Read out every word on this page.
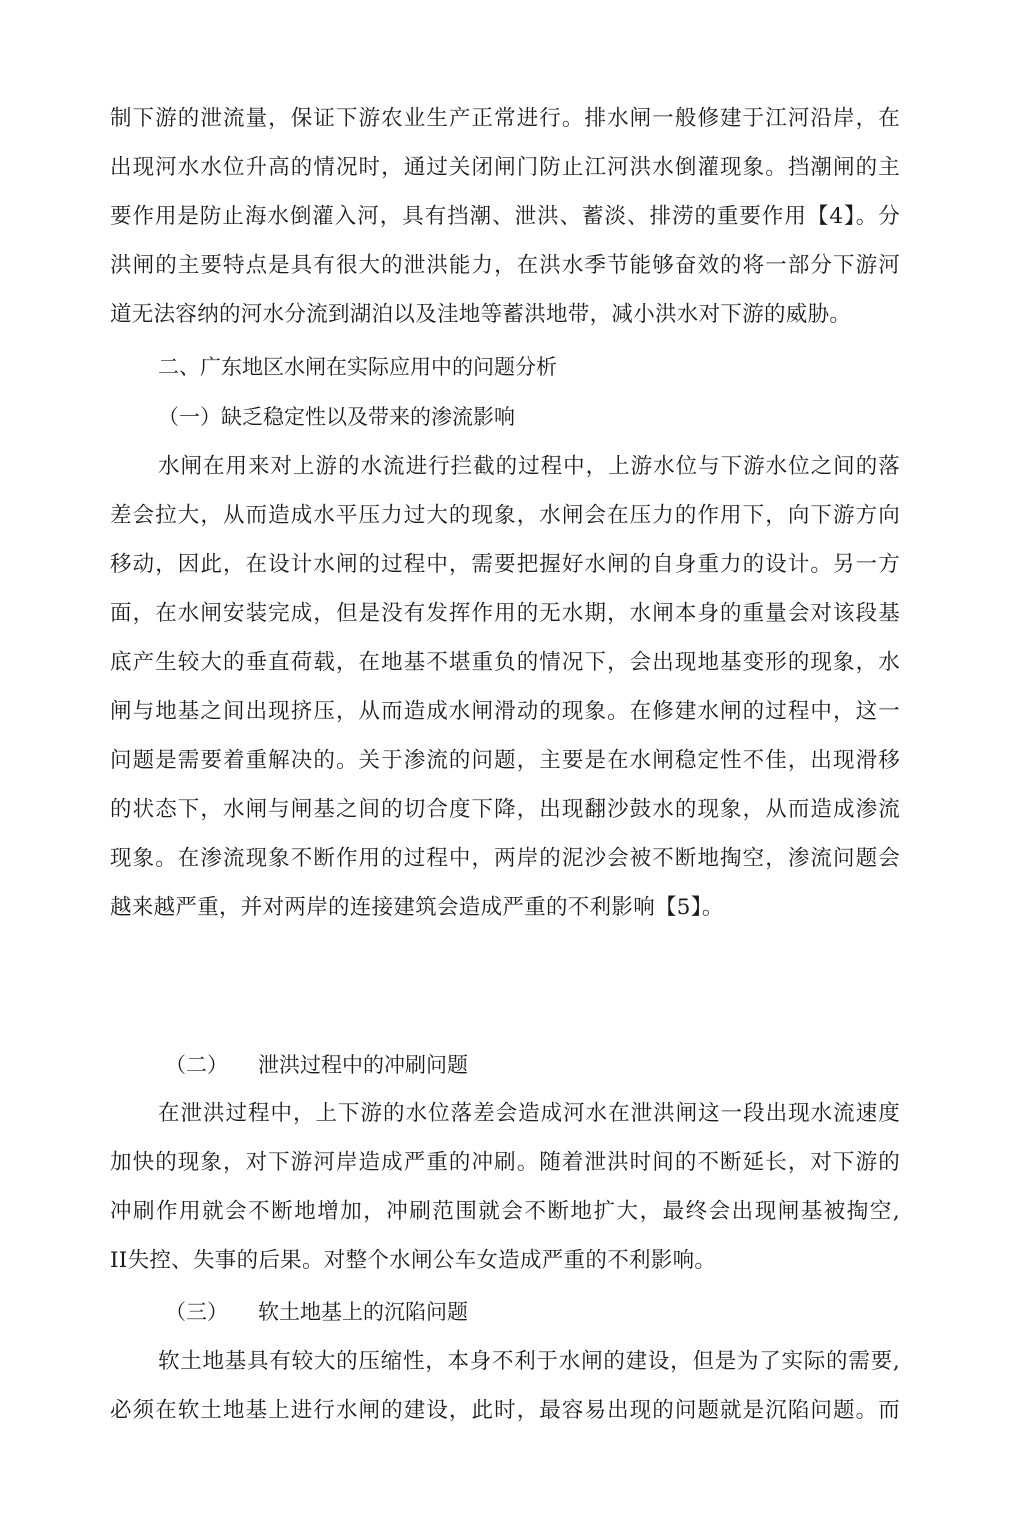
制下游的泄流量，保证下游农业生产正常进行。排水闸一般修建于江河沿岸，在
出现河水水位升高的情况时，通过关闭闸门防止江河洪水倒灌现象。挡潮闸的主
要作用是防止海水倒灌入河，具有挡潮、泄洪、蓄淡、排涝的重要作用【4】。分
洪闸的主要特点是具有很大的泄洪能力，在洪水季节能够奋效的将一部分下游河
道无法容纳的河水分流到湖泊以及洼地等蓄洪地带，减小洪水对下游的威胁。
二、广东地区水闸在实际应用中的问题分析
（一）缺乏稳定性以及带来的渗流影响
水闸在用来对上游的水流进行拦截的过程中，上游水位与下游水位之间的落
差会拉大，从而造成水平压力过大的现象，水闸会在压力的作用下，向下游方向
移动，因此，在设计水闸的过程中，需要把握好水闸的自身重力的设计。另一方
面，在水闸安装完成，但是没有发挥作用的无水期，水闸本身的重量会对该段基
底产生较大的垂直荷载，在地基不堪重负的情况下，会出现地基变形的现象，水
闸与地基之间出现挤压，从而造成水闸滑动的现象。在修建水闸的过程中，这一
问题是需要着重解决的。关于渗流的问题，主要是在水闸稳定性不佳，出现滑移
的状态下，水闸与闸基之间的切合度下降，出现翻沙鼓水的现象，从而造成渗流
现象。在渗流现象不断作用的过程中，两岸的泥沙会被不断地掏空，渗流问题会
越来越严重，并对两岸的连接建筑会造成严重的不利影响【5】。
（二） 泄洪过程中的冲刷问题
在泄洪过程中，上下游的水位落差会造成河水在泄洪闸这一段出现水流速度
加快的现象，对下游河岸造成严重的冲刷。随着泄洪时间的不断延长，对下游的
冲刷作用就会不断地增加，冲刷范围就会不断地扩大，最终会出现闸基被掏空,
II失控、失事的后果。对整个水闸公车女造成严重的不利影响。
（三） 软土地基上的沉陷问题
软土地基具有较大的压缩性，本身不利于水闸的建设，但是为了实际的需要,
必须在软土地基上进行水闸的建设，此时，最容易出现的问题就是沉陷问题。而
